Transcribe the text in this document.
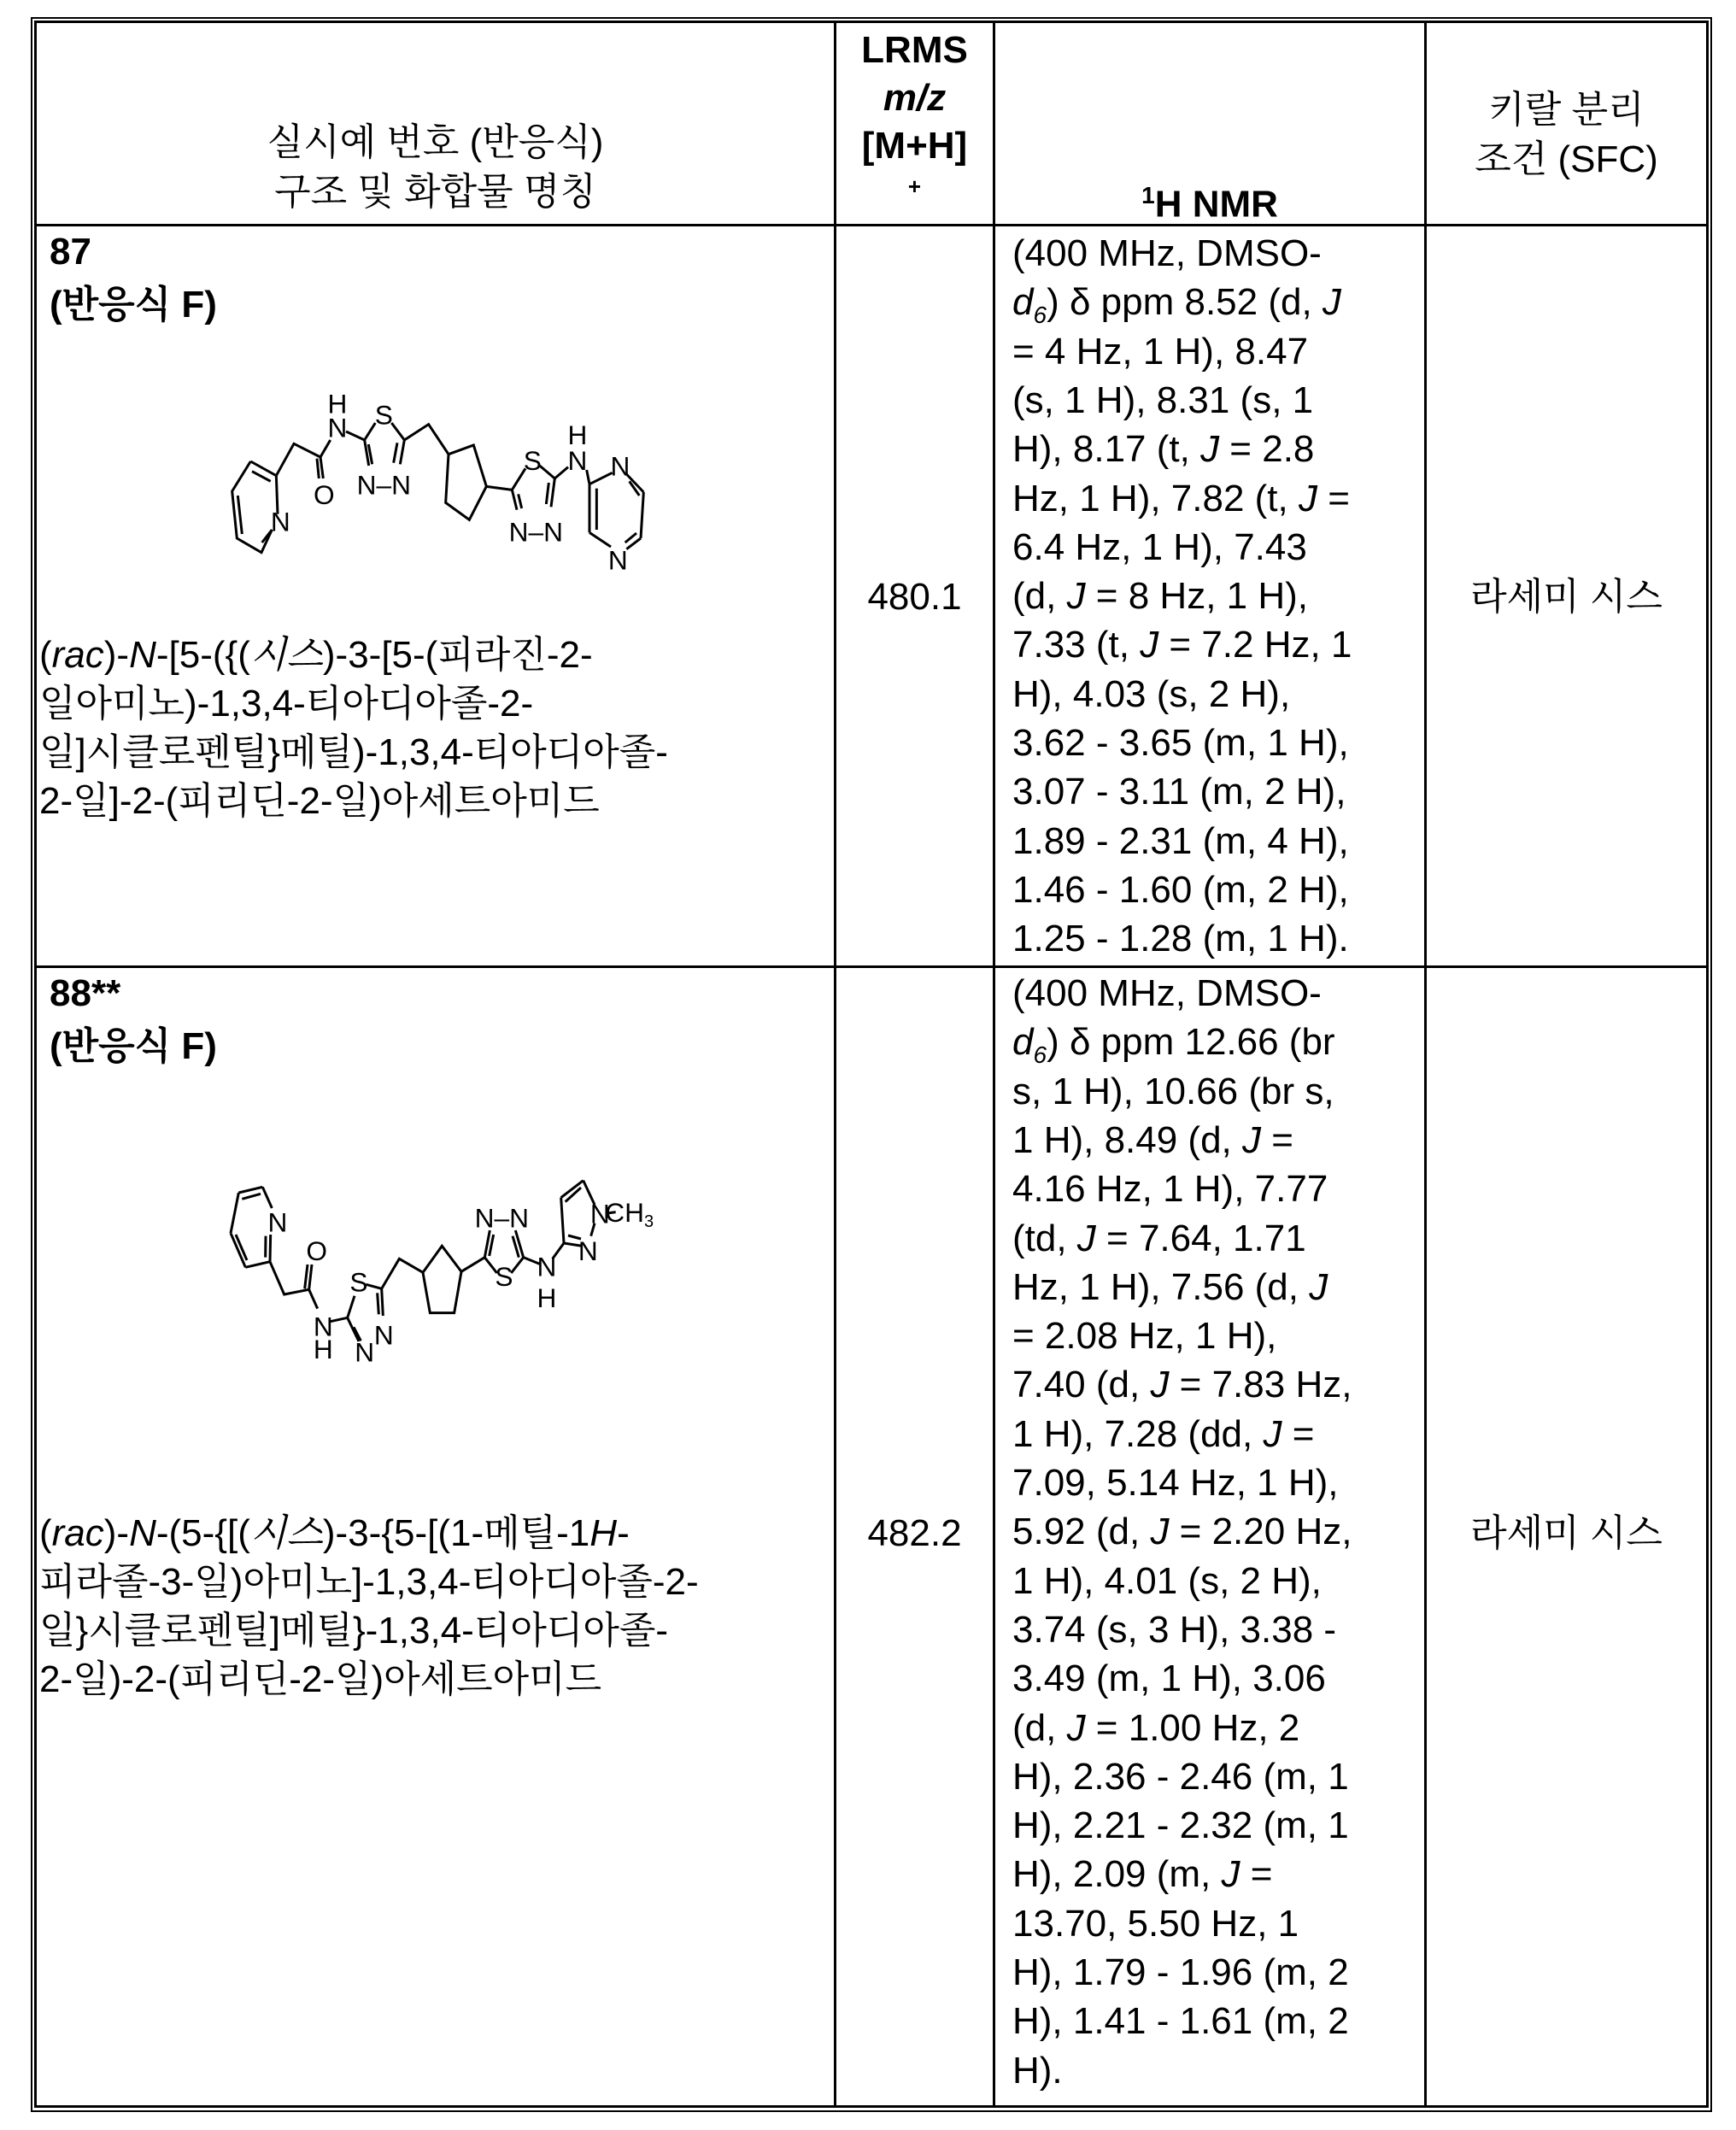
실시예 번호 (반응식)
구조 및 화합물 명칭
LRMS
m/z
[M+H]
+	1H NMR
키랄 분리
조건 (SFC)
87
(반응식 F)
N
O
N
H S
N–N
S
N–N
N
H
N
N
(rac)-N-[5-({(시스)-3-[5-(피라진-2-
일아미노)-1,3,4-티아디아졸-2-
일]시클로펜틸}메틸)-1,3,4-티아디아졸-
2-일]-2-(피리딘-2-일)아세트아미드
480.1
(400 MHz, DMSO-
d6) δ ppm 8.52 (d, J
= 4 Hz, 1 H), 8.47
(s, 1 H), 8.31 (s, 1
H), 8.17 (t, J = 2.8
Hz, 1 H), 7.82 (t, J =
6.4 Hz, 1 H), 7.43
(d, J = 8 Hz, 1 H),
7.33 (t, J = 7.2 Hz, 1
H), 4.03 (s, 2 H),
3.62 - 3.65 (m, 1 H),
3.07 - 3.11 (m, 2 H),
1.89 - 2.31 (m, 4 H),
1.46 - 1.60 (m, 2 H),
1.25 - 1.28 (m, 1 H).
라세미 시스
88**
(반응식 F)
N
O
N
H
S
N
N
N–N
S N
H
N
N
CH3
(rac)-N-(5-{[(시스)-3-{5-[(1-메틸-1H-
피라졸-3-일)아미노]-1,3,4-티아디아졸-2-
일}시클로펜틸]메틸}-1,3,4-티아디아졸-
2-일)-2-(피리딘-2-일)아세트아미드
482.2
(400 MHz, DMSO-
d6) δ ppm 12.66 (br
s, 1 H), 10.66 (br s,
1 H), 8.49 (d, J =
4.16 Hz, 1 H), 7.77
(td, J = 7.64, 1.71
Hz, 1 H), 7.56 (d, J
= 2.08 Hz, 1 H),
7.40 (d, J = 7.83 Hz,
1 H), 7.28 (dd, J =
7.09, 5.14 Hz, 1 H),
5.92 (d, J = 2.20 Hz,
1 H), 4.01 (s, 2 H),
3.74 (s, 3 H), 3.38 -
3.49 (m, 1 H), 3.06
(d, J = 1.00 Hz, 2
H), 2.36 - 2.46 (m, 1
H), 2.21 - 2.32 (m, 1
H), 2.09 (m, J =
13.70, 5.50 Hz, 1
H), 1.79 - 1.96 (m, 2
H), 1.41 - 1.61 (m, 2
H).
라세미 시스
